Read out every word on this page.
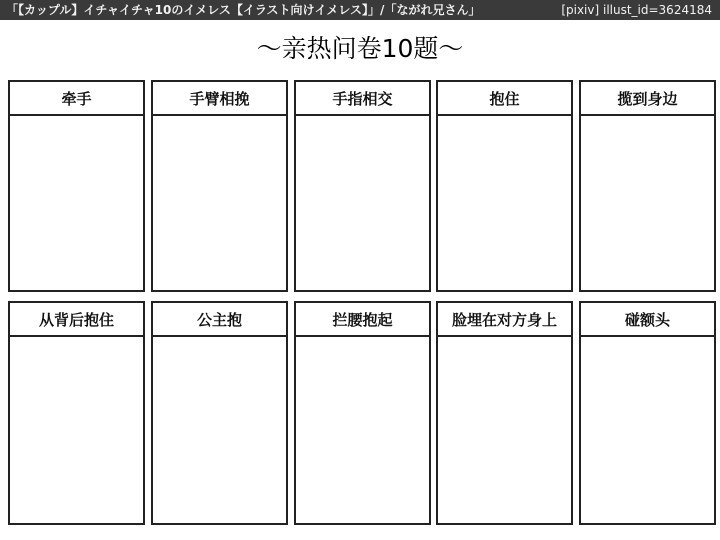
「【カップル】イチャイチャ10のイメレス【イラスト向けイメレス】」/「ながれ兄さん」	[pixiv] illust_id=3624184
～亲热问卷10题～
牵手	手臂相挽	手指相交	抱住	揽到身边
从背后抱住	公主抱	拦腰抱起	脸埋在对方身上	碰额头
